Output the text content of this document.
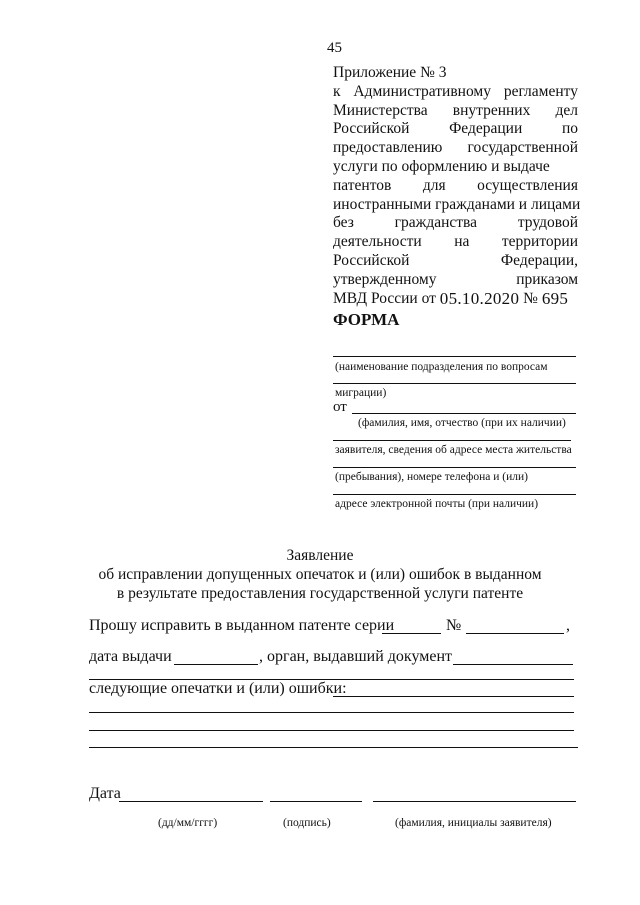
45
Приложение № 3
к Административному регламенту
Министерства внутренних дел
Российской	Федерации	по
предоставлению государственной
услуги по оформлению и выдаче
патентов для осуществления
иностранными гражданами и лицами
без	гражданства	трудовой
деятельности на территории
Российской	Федерации,
утвержденному	приказом
МВД России от
05.10.2020
№
695
ФОРМА
(наименование подразделения по вопросам
миграции)
от
(фамилия, имя, отчество (при их наличии)
заявителя, сведения об адресе места жительства
(пребывания), номере телефона и (или)
адресе электронной почты (при наличии)
Заявление
об исправлении допущенных опечаток и (или) ошибок в выданном
в результате предоставления государственной услуги патенте
Прошу исправить в выданном патенте серии	№	,
дата выдачи	, орган, выдавший документ
следующие опечатки и (или) ошибки:
Дата
(дд/мм/гггг)	(подпись)	(фамилия, инициалы заявителя)
